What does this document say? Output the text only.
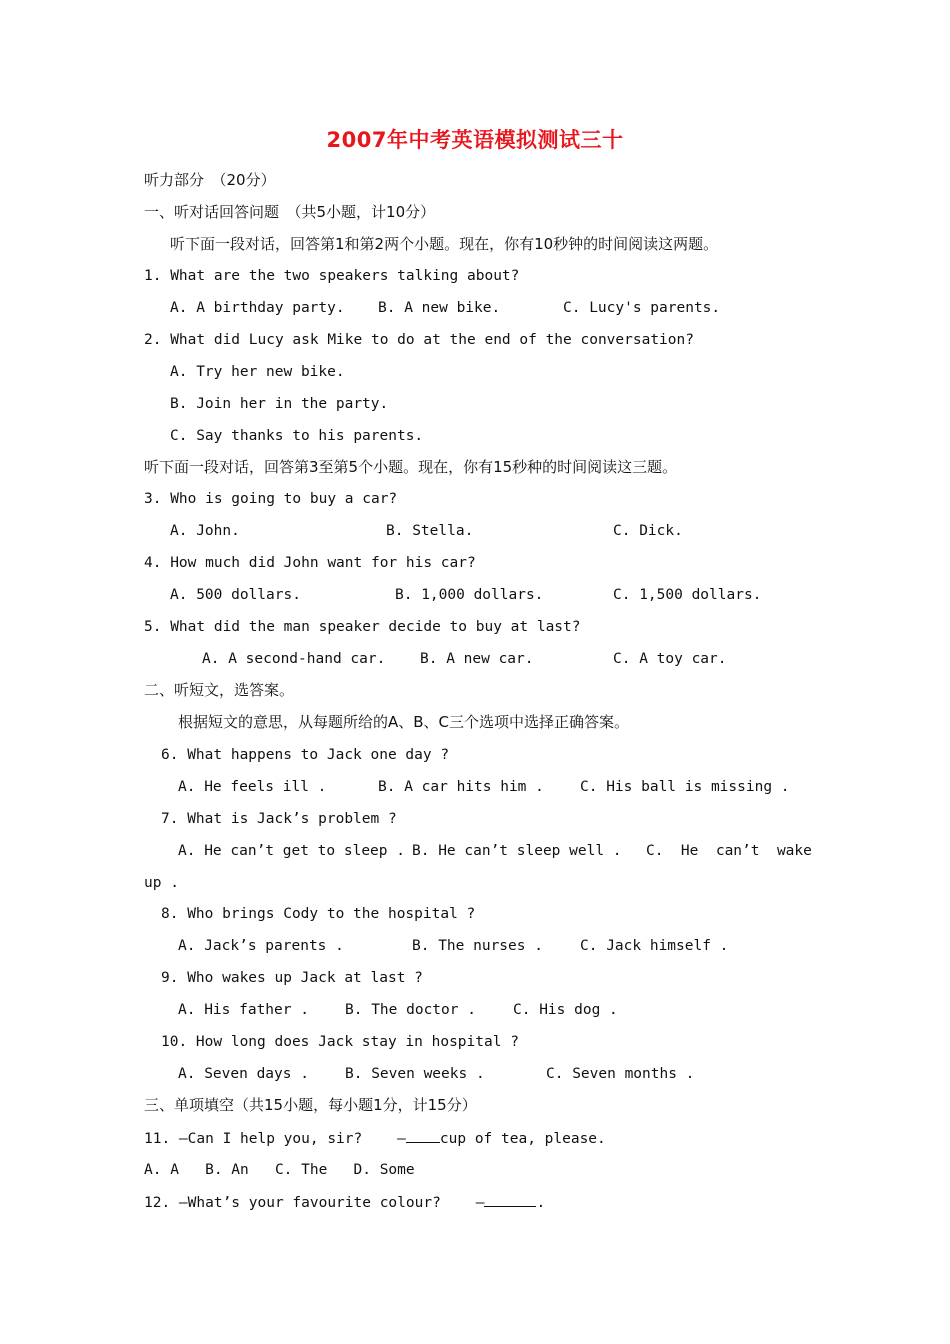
2007年中考英语模拟测试三十
听力部分　（20分）
一、听对话回答问题　（共5小题，计10分）
听下面一段对话，回答第1和第2两个小题。现在，你有10秒钟的时间阅读这两题。
1. What are the two speakers talking about?
A. A birthday party. B. A new bike.	C. Lucy's parents.
2. What did Lucy ask Mike to do at the end of the conversation?
A. Try her new bike.
B. Join her in the party.
C. Say thanks to his parents.
听下面一段对话，回答第3至第5个小题。现在，你有15秒种的时间阅读这三题。
3. Who is going to buy a car?
A. John.	B. Stella.	C. Dick.
4. How much did John want for his car?
A. 500 dollars.	B. 1,000 dollars.	C. 1,500 dollars.
5. What did the man speaker decide to buy at last?
A. A second-hand car. B. A new car.	C. A toy car.
二、听短文，选答案。
根据短文的意思，从每题所给的A、B、C三个选项中选择正确答案。
6. What happens to Jack one day ?
A. He feels ill .	B. A car hits him . C. His ball is missing .
7. What is Jack’s problem ?
A. He can’t get to sleep . B. He can’t sleep well . C.  He  can’t  wake
up .
8. Who brings Cody to the hospital ?
A. Jack’s parents .	B. The nurses .	C. Jack himself .
9. Who wakes up Jack at last ?
A. His father . B. The doctor .	C. His dog .
10. How long does Jack stay in hospital ?
A. Seven days . B. Seven weeks .	C. Seven months .
三、单项填空（共15小题，每小题1分，计15分）
11. —Can I help you, sir?    — cup of tea, please.
A. A   B. An   C. The   D. Some
12. —What’s your favourite colour?    —	.
